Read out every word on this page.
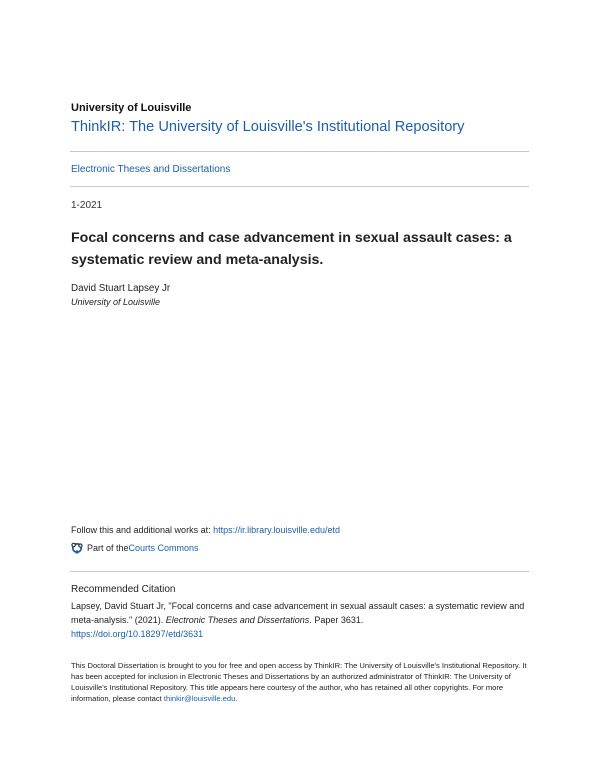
University of Louisville
ThinkIR: The University of Louisville's Institutional Repository
Electronic Theses and Dissertations
1-2021
Focal concerns and case advancement in sexual assault cases: a systematic review and meta-analysis.
David Stuart Lapsey Jr
University of Louisville
Follow this and additional works at: https://ir.library.louisville.edu/etd
Part of the Courts Commons
Recommended Citation
Lapsey, David Stuart Jr, "Focal concerns and case advancement in sexual assault cases: a systematic review and meta-analysis." (2021). Electronic Theses and Dissertations. Paper 3631.
https://doi.org/10.18297/etd/3631
This Doctoral Dissertation is brought to you for free and open access by ThinkIR: The University of Louisville's Institutional Repository. It has been accepted for inclusion in Electronic Theses and Dissertations by an authorized administrator of ThinkIR: The University of Louisville's Institutional Repository. This title appears here courtesy of the author, who has retained all other copyrights. For more information, please contact thinkir@louisville.edu.
